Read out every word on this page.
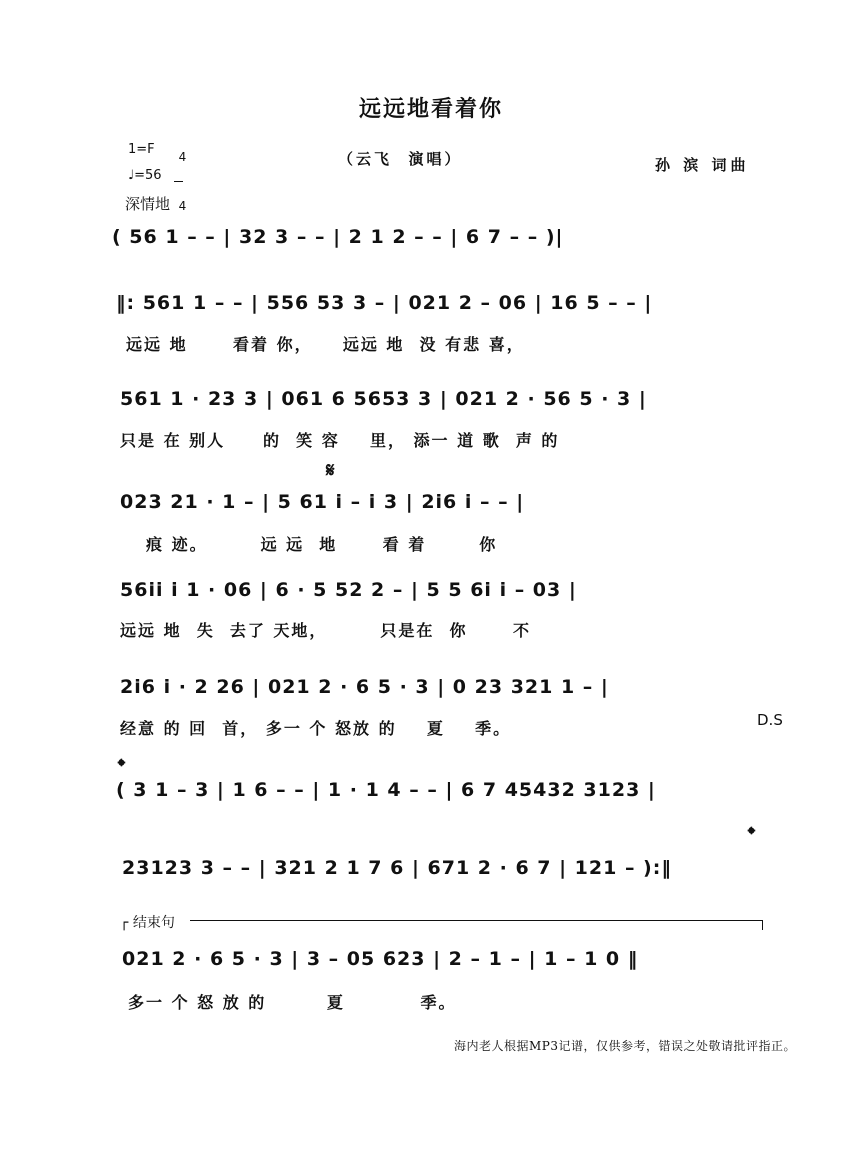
远远地看着你
（云飞  演唱）	孙 滨 词曲
1=F	4

4

♩=56
深情地
( 56 1 – – | 32 3 – – | 2 1 2 – – | 6 7 – – )|
‖: 561 1 – – | 556 53 3 – | 021 2 – 06 | 16 5 – – |
远远 地      看着 你，    远远 地  没 有悲 喜，
561 1 · 23 3 | 061 6 5653 3 | 021 2 · 56 5 · 3 |
只是 在 别人     的  笑 容    里， 添一 道 歌  声 的
𝄋
023 21 · 1 – | 5 61 i – i 3 | 2i6 i – – |
痕 迹。       远 远  地      看 着       你
56ii i 1 · 06 | 6 · 5 52 2 – | 5 5 6i i – 03 |
远远 地  失  去了 天地，       只是在  你      不
2i6 i · 2 26 | 021 2 · 6 5 · 3 | 0 23 321 1 – |
经意 的 回  首， 多一 个 怒放 的    夏    季。	D.S
𝄌
( 3 1 – 3 | 1 6 – – | 1 · 1 4 – – | 6 7 45432 3123 |
𝄌
23123 3 – – | 321 2 1 7 6 | 671 2 · 6 7 | 121 – ):‖
┌ 结束句
021 2 · 6 5 · 3 | 3 – 05 623 | 2 – 1 – | 1 – 1 0 ‖
多一 个 怒 放 的        夏          季。
海内老人根据MP3记谱，仅供参考，错误之处敬请批评指正。
